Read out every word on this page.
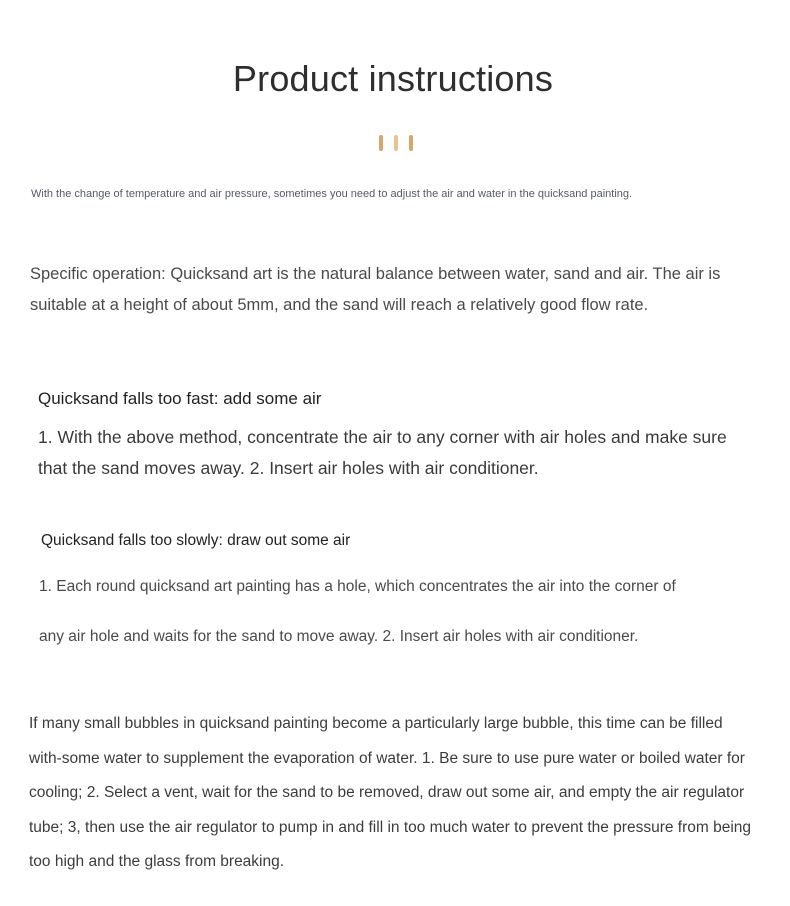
Product instructions
With the change of temperature and air pressure, sometimes you need to adjust the air and water in the quicksand painting.
Specific operation: Quicksand art is the natural balance between water, sand and air. The air is suitable at a height of about 5mm, and the sand will reach a relatively good flow rate.
Quicksand falls too fast: add some air
1. With the above method, concentrate the air to any corner with air holes and make sure that the sand moves away. 2. Insert air holes with air conditioner.
Quicksand falls too slowly: draw out some air
1. Each round quicksand art painting has a hole, which concentrates the air into the corner of
any air hole and waits for the sand to move away. 2. Insert air holes with air conditioner.
If many small bubbles in quicksand painting become a particularly large bubble, this time can be filled with-some water to supplement the evaporation of water. 1. Be sure to use pure water or boiled water for cooling; 2. Select a vent, wait for the sand to be removed, draw out some air, and empty the air regulator tube; 3, then use the air regulator to pump in and fill in too much water to prevent the pressure from being too high and the glass from breaking.
